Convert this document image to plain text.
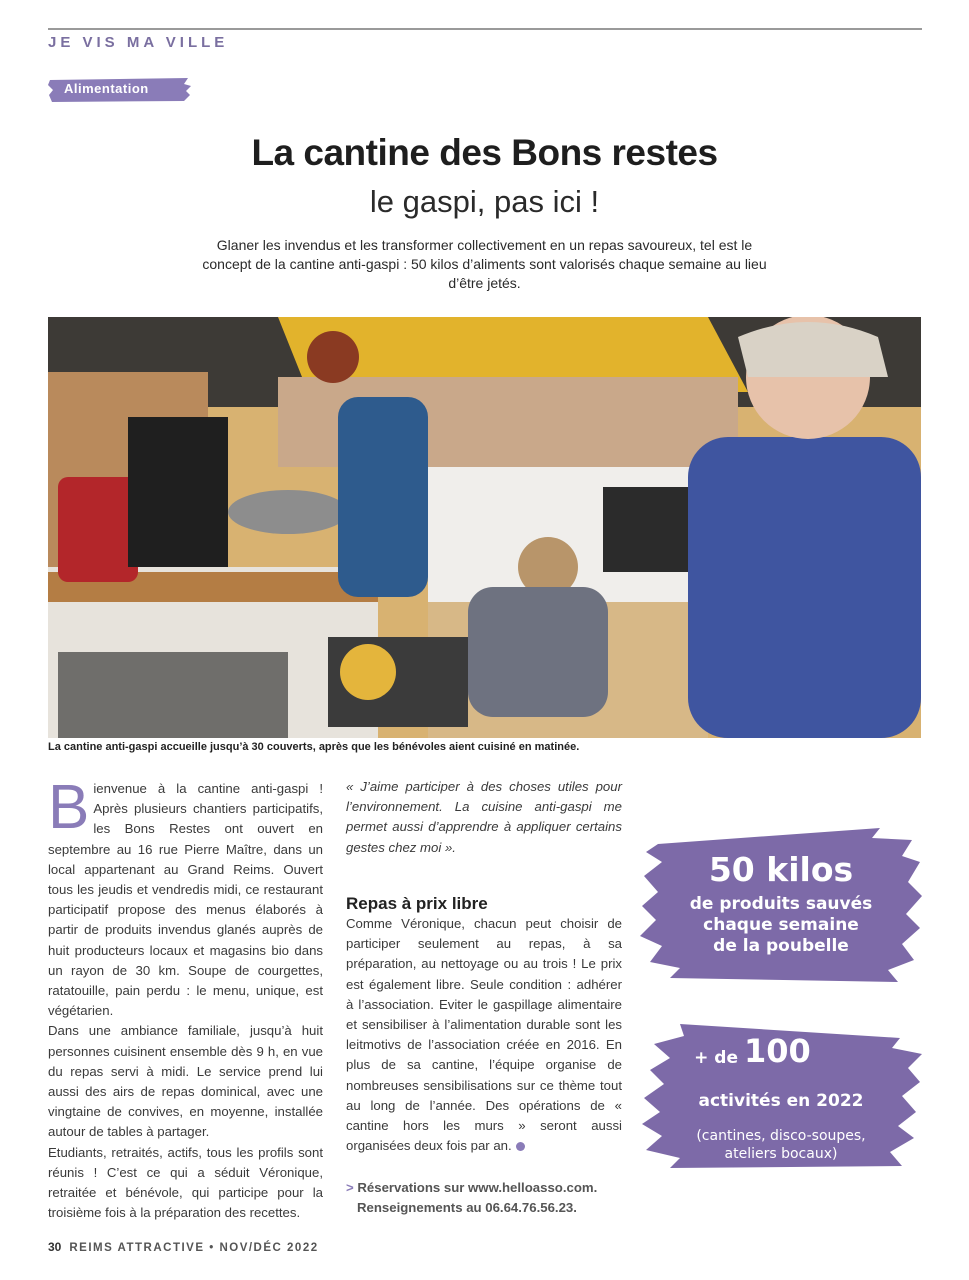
JE VIS MA VILLE
Alimentation
La cantine des Bons restes
le gaspi, pas ici !
Glaner les invendus et les transformer collectivement en un repas savoureux, tel est le concept de la cantine anti-gaspi : 50 kilos d’aliments sont valorisés chaque semaine au lieu d’être jetés.
La cantine anti-gaspi accueille jusqu’à 30 couverts, après que les bénévoles aient cuisiné en matinée.
B ienvenue à la cantine anti-gaspi ! Après plusieurs chantiers participatifs, les Bons Restes ont ouvert en septembre au 16 rue Pierre Maître, dans un local appartenant au Grand Reims. Ouvert tous les jeudis et vendredis midi, ce restaurant participatif propose des menus élaborés à partir de produits invendus glanés auprès de huit producteurs locaux et magasins bio dans un rayon de 30 km. Soupe de courgettes, ratatouille, pain perdu : le menu, unique, est végétarien.

Dans une ambiance familiale, jusqu’à huit personnes cuisinent ensemble dès 9 h, en vue du repas servi à midi. Le service prend lui aussi des airs de repas dominical, avec une vingtaine de convives, en moyenne, installée autour de tables à partager.

Etudiants, retraités, actifs, tous les profils sont réunis ! C’est ce qui a séduit Véronique, retraitée et bénévole, qui participe pour la troisième fois à la préparation des recettes.

« J’aime participer à des choses utiles pour l’environnement. La cuisine anti-gaspi me permet aussi d’apprendre à appliquer certains gestes chez moi ».

Repas à prix libre

Comme Véronique, chacun peut choisir de participer seulement au repas, à sa préparation, au nettoyage ou au trois ! Le prix est également libre. Seule condition : adhérer à l’association. Eviter le gaspillage alimentaire et sensibiliser à l’alimentation durable sont les leitmotivs de l’association créée en 2016. En plus de sa cantine, l’équipe organise de nombreuses sensibilisations sur ce thème tout au long de l’année. Des opérations de « cantine hors les murs » seront aussi organisées deux fois par an.

> Réservations sur www.helloasso.com.
Renseignements au 06.64.76.56.23.

50 kilos
de produits sauvés
chaque semaine
de la poubelle
+ de 100
activités en 2022
(cantines, disco-soupes,
ateliers bocaux)
30 REIMS ATTRACTIVE • NOV/DÉC 2022
